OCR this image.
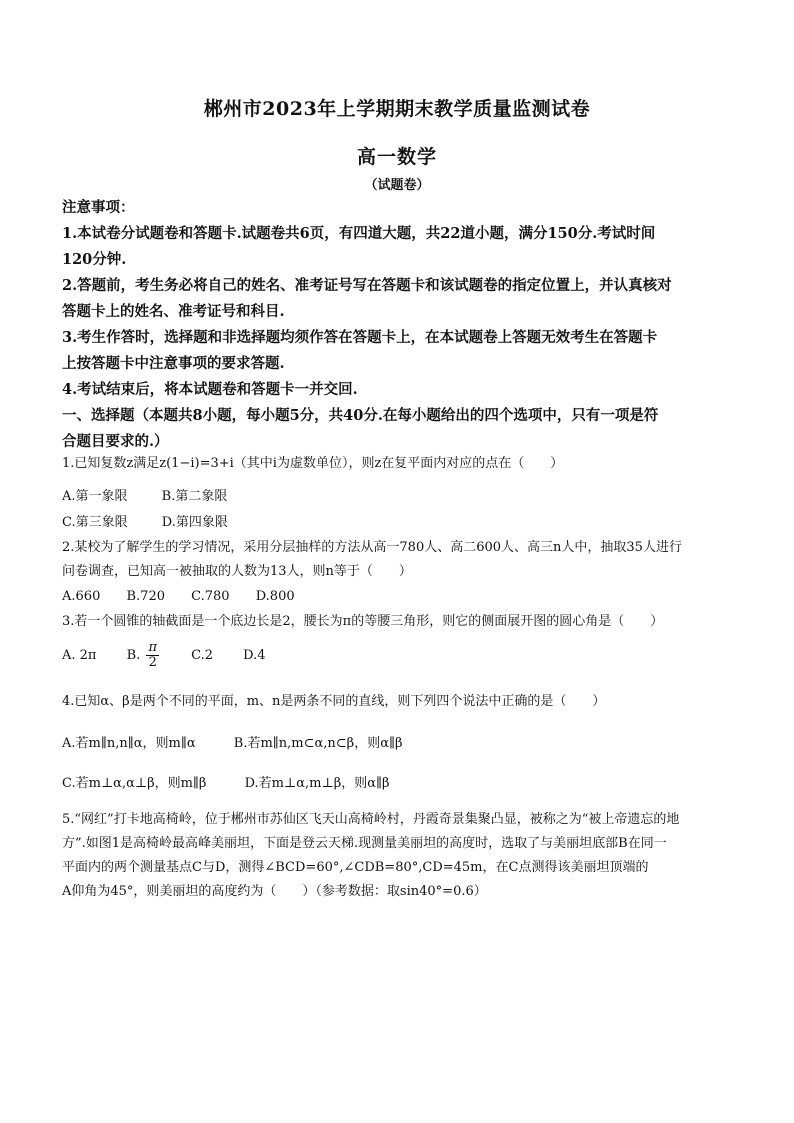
郴州市2023年上学期期末教学质量监测试卷
高一数学
（试题卷）

注意事项：

1.本试卷分试题卷和答题卡.试题卷共6页，有四道大题，共22道小题，满分150分.考试时间

120分钟.

2.答题前，考生务必将自己的姓名、准考证号写在答题卡和该试题卷的指定位置上，并认真核对

答题卡上的姓名、准考证号和科目.

3.考生作答时，选择题和非选择题均须作答在答题卡上，在本试题卷上答题无效考生在答题卡

上按答题卡中注意事项的要求答题.

4.考试结束后，将本试题卷和答题卡一并交回.

一、选择题（本题共8小题，每小题5分，共40分.在每小题给出的四个选项中，只有一项是符

合题目要求的.）

1.已知复数z满足z(1−i)=3+i（其中i为虚数单位），则z在复平面内对应的点在（　　）

A.第一象限	B.第二象限

C.第三象限	D.第四象限

2.某校为了解学生的学习情况，采用分层抽样的方法从高一780人、高二600人、高三n人中，抽取35人进行

问卷调查，已知高一被抽取的人数为13人，则n等于（　　）

A.660 B.720 C.780 D.800

3.若一个圆锥的轴截面是一个底边长是2，腰长为π的等腰三角形，则它的侧面展开图的圆心角是（　　）

A. 2π B. $\frac{\pi}{2} C.2$ D.4

4.已知α、β是两个不同的平面，m、n是两条不同的直线，则下列四个说法中正确的是（　　）

A.若m∥n,n∥α，则m∥α	B.若m∥n,m⊂α,n⊂β，则α∥β

C.若m⊥α,α⊥β，则m∥β	D.若m⊥α,m⊥β，则α∥β

5.“网红”打卡地高椅岭，位于郴州市苏仙区飞天山高椅岭村，丹霞奇景集聚凸显，被称之为“被上帝遗忘的地

方”.如图1是高椅岭最高峰美丽坦，下面是登云天梯.现测量美丽坦的高度时，选取了与美丽坦底部B在同一

平面内的两个测量基点C与D，测得∠BCD=60°,∠CDB=80°,CD=45m，在C点测得该美丽坦顶端的

A仰角为45°，则美丽坦的高度约为（　　）（参考数据：取sin40°=0.6）
